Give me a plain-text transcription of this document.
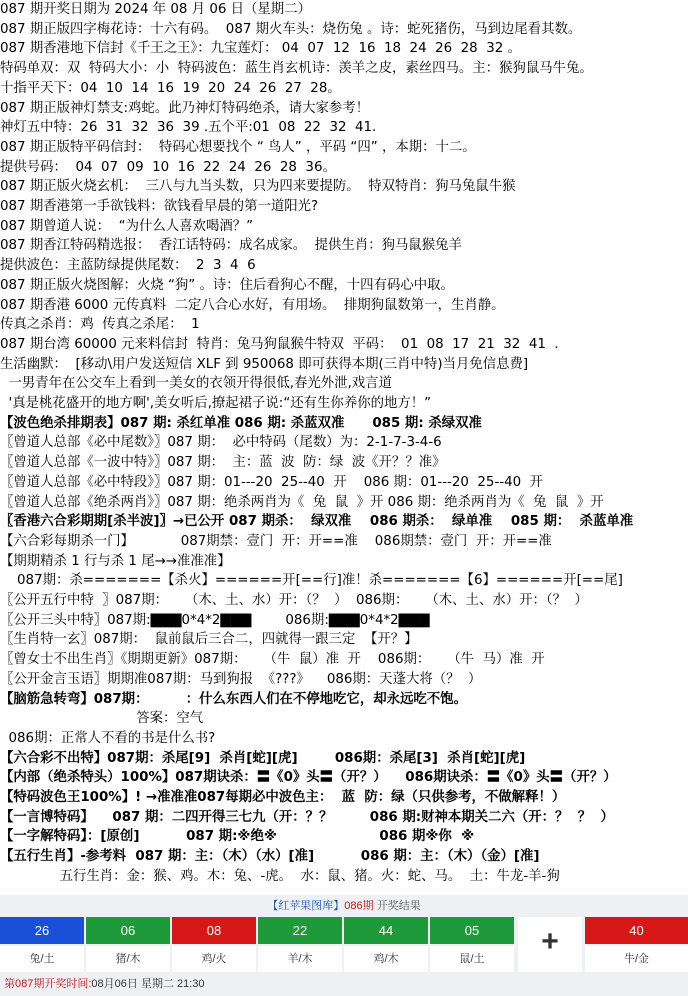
087 期开奖日期为 2024 年 08 月 06 日（星期二）
087 期正版四字梅花诗：十六有码。  087 期火车头：烧伤兔 。诗：蛇死猪伤，马到边尾看其数。
087 期香港地下信封《千王之王》：九宝莲灯： 04  07  12  16  18  24  26  28  32 。
特码单双：双  特码大小：小  特码波色：蓝生肖玄机诗：羡羊之皮，素丝四马。主：猴狗鼠马牛兔。
十指平天下：04  10  14  16  19  20  24  26  27  28。
087 期正版神灯禁支:鸡蛇。此乃神灯特码绝杀，请大家参考！
神灯五中特：26  31  32  36  39 .五个平:01  08  22  32  41.
087 期正版特平码信封：  特码心想要找个 “ 鸟人” ，平码 “四” ，本期：十二。
提供号码：  04  07  09  10  16  22  24  26  28  36。
087 期正版火烧玄机：  三八与九当头数，只为四来要提防。  特双特肖：狗马兔鼠牛猴
087 期香港第一手欲钱料：欲钱看早晨的第一道阳光?
087 期曾道人说：  “为什么人喜欢喝酒？”
087 期香江特码精选报：  香江话特码：成名成家。  提供生肖：狗马鼠猴兔羊
提供波色：主蓝防绿提供尾数：  2  3  4  6
087 期正版火烧图解：火烧 “狗” 。诗：住后看狗心不醒，十四有码心中取。
087 期香港 6000 元传真料  二定八合心水好，有用场。  排期狗鼠数第一，生肖静。
传真之杀肖：鸡  传真之杀尾：  1
087 期台湾 60000 元来料信封  特肖：兔马狗鼠猴牛特双  平码：  01  08  17  21  32  41  .
生活幽默：  [移动\用户发送短信 XLF 到 950068 即可获得本期(三肖中特)当月免信息费]
一男青年在公交车上看到一美女的衣领开得很低,春光外泄,戏言道
'真是桃花盛开的地方啊',美女听后,撩起裙子说:“还有生你养你的地方！”
【波色绝杀排期表】087 期: 杀红单准 086 期: 杀蓝双准      085 期: 杀绿双准
〖曾道人总部《必中尾数》〗087 期：  必中特码（尾数）为：2-1-7-3-4-6
〖曾道人总部《一波中特》〗087 期：  主：蓝  波  防：绿  波《开？？准》
〖曾道人总部《必中特段》〗087 期：01---20  25--40  开    086 期：01---20  25--40  开
〖曾道人总部《绝杀两肖》〗087 期：绝杀两肖为《  兔  鼠  》开 086 期：绝杀两肖为《  兔  鼠  》开
〖香港六合彩期期[杀半波]〗→已公开 087 期杀：  绿双准    086 期杀：  绿单准    085 期：  杀蓝单准
【六合彩每期杀一门】           087期禁：壹门  开：开==准    086期禁：壹门  开：开==准
【期期精杀 1 行与杀 1 尾→→准准准】
087期：杀=======【杀火】======开[==行]准！杀=======【6】======开[==尾]
〖公开五行中特  〗087期：    （木、土、水）开：（？  ）  086期：    （木、土、水）开：（？  ）
〖公开三头中特〗087期:▇▇▇0*4*2▇▇▇        086期:▇▇▇0*4*2▇▇▇
〖生肖特一玄〗087期：  鼠前鼠后三合二，四就得一跟三定  【开？】
〖曾女士不出生肖〗《期期更新》087期：    （牛  鼠）准  开    086期：    （牛  马）准  开
〖公开金言玉语〗期期准087期：马到狗报  《???》    086期：天蓬大将（？  ）
【脑筋急转弯】087期：        ：什么东西人们在不停地吃它，却永远吃不饱。
答案：空气
086期：正常人不看的书是什么书?
【六合彩不出特】087期：杀尾[9]  杀肖[蛇][虎]        086期：杀尾[3]  杀肖[蛇][虎]
【内部（绝杀特头）100%】087期诀杀：〓《0》头〓（开？）    086期诀杀：〓《0》头〓（开？）
【特码波色王100%】! →准准准087每期必中波色主：  蓝  防：绿（只供参考，不做解释！）
【一言博特码】    087 期：二四开得三七九（开：？？        086 期:财神本期关二六（开：？  ？  ）
【一字解特码】：[原创]          087 期:※绝※                      086 期※你  ※
【五行生肖】-参考料  087 期：主：（木）（水）[准]          086 期：主：（木）（金）[准]
五行生肖：金：猴、鸡。木：兔、-虎。  水：鼠、猪。火：蛇、马。  土：牛龙-羊-狗
【红苹果图库】086期 开奖结果
26
兔/土
06
猪/木
08
鸡/火
22
羊/木
44
鸡/木
05
鼠/土
+	40
牛/金
第087期开奖时间:08月06日 星期二 21:30
